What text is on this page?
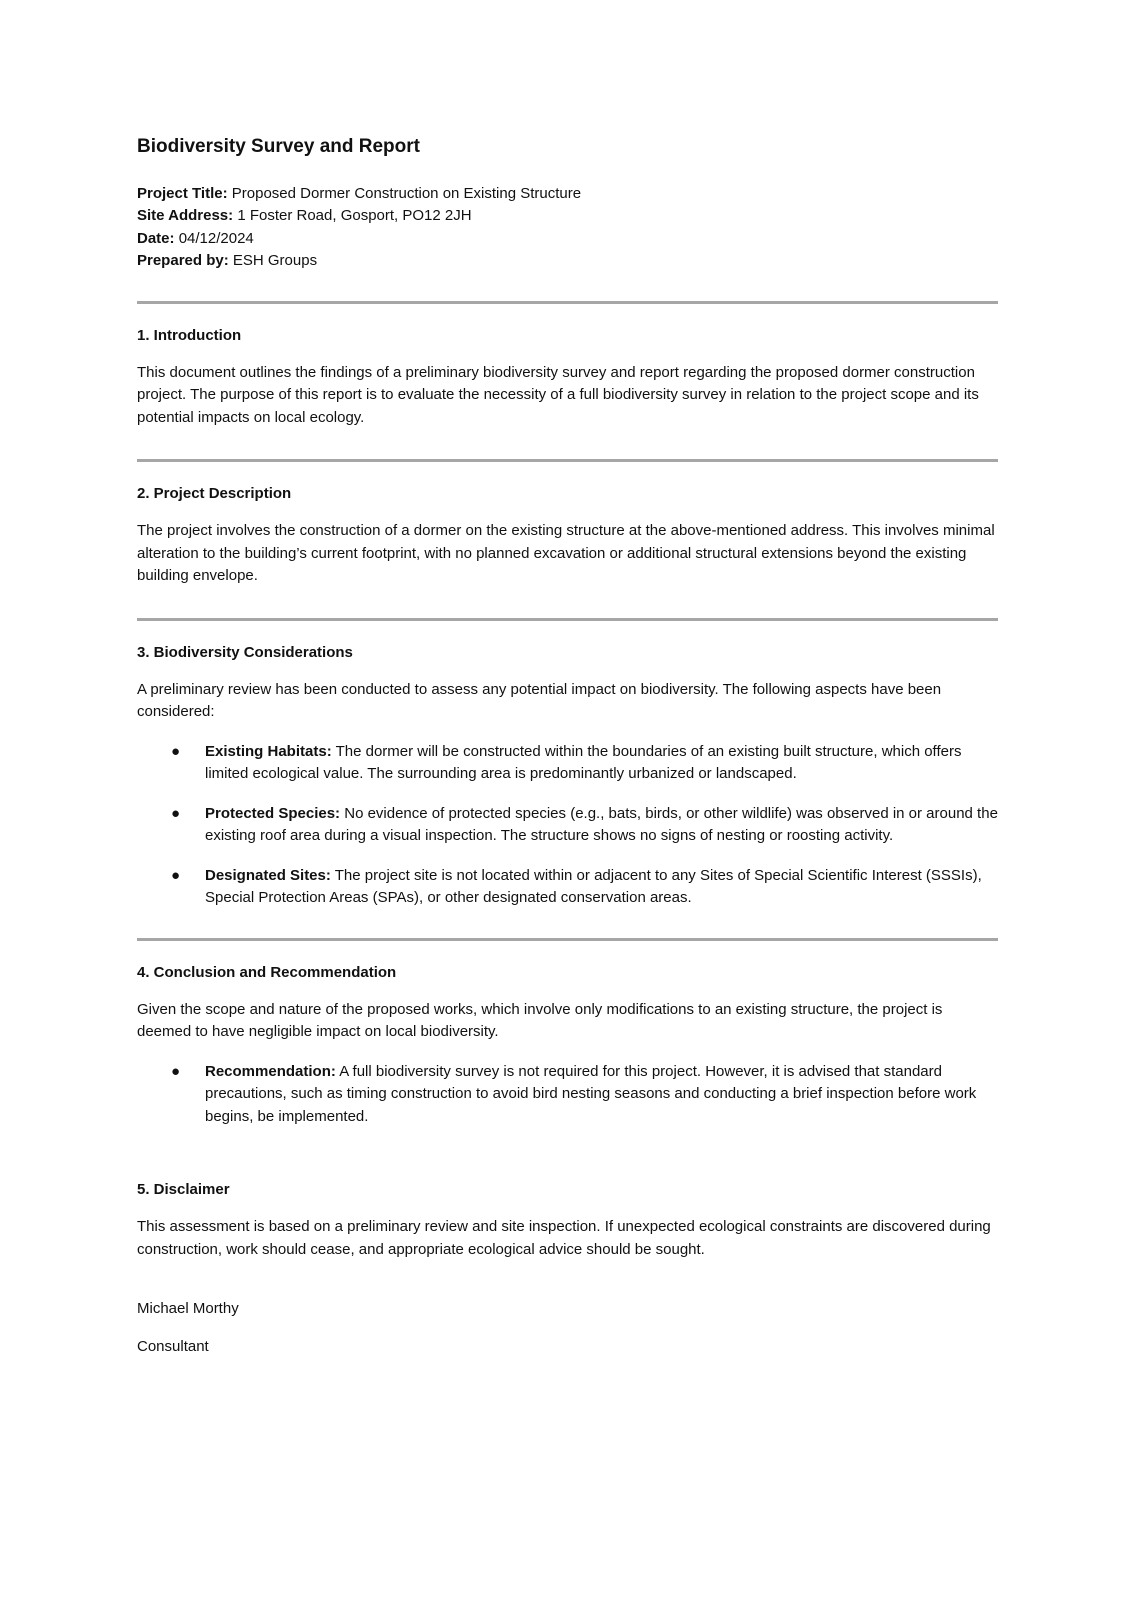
Biodiversity Survey and Report

Project Title: Proposed Dormer Construction on Existing Structure

Site Address: 1 Foster Road, Gosport, PO12 2JH

Date: 04/12/2024

Prepared by: ESH Groups

1. Introduction

This document outlines the findings of a preliminary biodiversity survey and report regarding the proposed dormer construction project. The purpose of this report is to evaluate the necessity of a full biodiversity survey in relation to the project scope and its potential impacts on local ecology.

2. Project Description

The project involves the construction of a dormer on the existing structure at the above-mentioned address. This involves minimal alteration to the building’s current footprint, with no planned excavation or additional structural extensions beyond the existing building envelope.

3. Biodiversity Considerations

A preliminary review has been conducted to assess any potential impact on biodiversity. The following aspects have been considered:

● Existing Habitats: The dormer will be constructed within the boundaries of an existing built structure, which offers limited ecological value. The surrounding area is predominantly urbanized or landscaped.
● Protected Species: No evidence of protected species (e.g., bats, birds, or other wildlife) was observed in or around the existing roof area during a visual inspection. The structure shows no signs of nesting or roosting activity.
● Designated Sites: The project site is not located within or adjacent to any Sites of Special Scientific Interest (SSSIs), Special Protection Areas (SPAs), or other designated conservation areas.
4. Conclusion and Recommendation

Given the scope and nature of the proposed works, which involve only modifications to an existing structure, the project is deemed to have negligible impact on local biodiversity.

● Recommendation: A full biodiversity survey is not required for this project. However, it is advised that standard precautions, such as timing construction to avoid bird nesting seasons and conducting a brief inspection before work begins, be implemented.
5. Disclaimer

This assessment is based on a preliminary review and site inspection. If unexpected ecological constraints are discovered during construction, work should cease, and appropriate ecological advice should be sought.

Michael Morthy

Consultant
